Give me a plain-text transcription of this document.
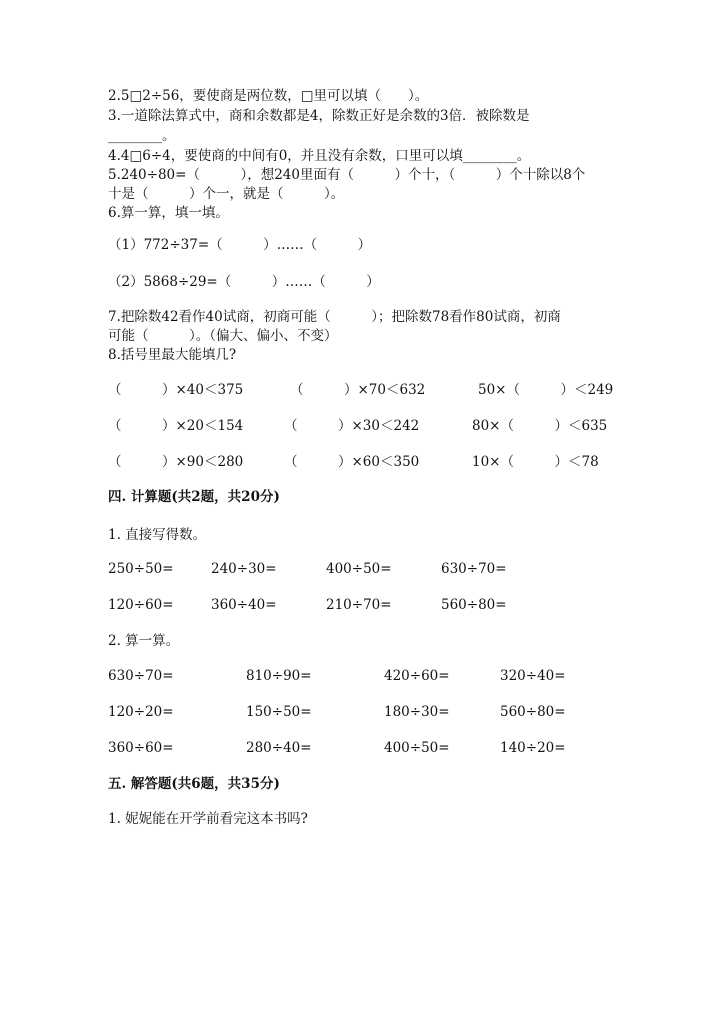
2.5□2÷56，要使商是两位数，□里可以填（　　）。
3.一道除法算式中，商和余数都是4，除数正好是余数的3倍．被除数是
________。
4.4□6÷4，要使商的中间有0，并且没有余数，口里可以填________。
5.240÷80=（　　　），想240里面有（　　　）个十，（　　　）个十除以8个
十是（　　　）个一，就是（　　　）。
6.算一算，填一填。
（1）772÷37=（　　　）……（　　　）
（2）5868÷29=（　　　）……（　　　）
7.把除数42看作40试商，初商可能（　　　）；把除数78看作80试商，初商
可能（　　　）。（偏大、偏小、不变）
8.括号里最大能填几?
（　　　）×40＜375	（　　　）×70＜632	50×（　　　）＜249
（　　　）×20＜154	（　　　）×30＜242	80×（　　　）＜635
（　　　）×90＜280	（　　　）×60＜350	10×（　　　）＜78
四. 计算题(共2题，共20分)
1. 直接写得数。
250÷50=	240÷30=	400÷50=	630÷70=
120÷60=	360÷40=	210÷70=	560÷80=
2. 算一算。
630÷70=	810÷90=	420÷60=	320÷40=
120÷20=	150÷50=	180÷30=	560÷80=
360÷60=	280÷40=	400÷50=	140÷20=
五. 解答题(共6题，共35分)
1. 妮妮能在开学前看完这本书吗?
